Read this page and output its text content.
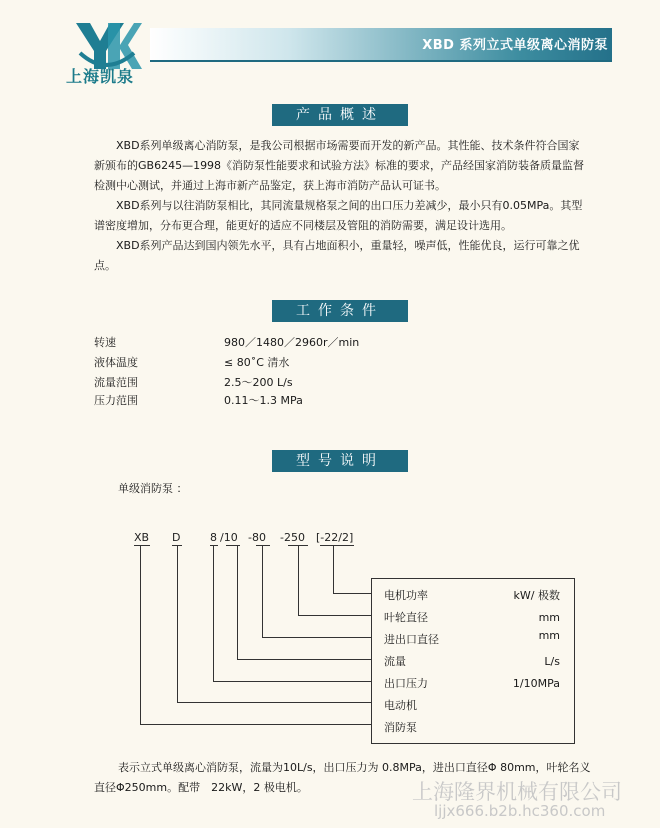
上海凯泉
XBD 系列立式单级离心消防泵
产品概述
XBD系列单级离心消防泵，是我公司根据市场需要而开发的新产品。其性能、技术条件符合国家新颁布的GB6245—1998《消防泵性能要求和试验方法》标准的要求，产品经国家消防装备质量监督检测中心测试，并通过上海市新产品鉴定，获上海市消防产品认可证书。
XBD系列与以往消防泵相比，其同流量规格泵之间的出口压力差减少，最小只有0.05MPa。其型谱密度增加，分布更合理，能更好的适应不同楼层及管阻的消防需要，满足设计选用。
XBD系列产品达到国内领先水平，具有占地面积小，重量轻，噪声低，性能优良，运行可靠之优点。
工作条件
转速	980／1480／2960r／min
液体温度	≤ 80˚C 清水
流量范围	2.5～200 L/s
压力范围	0.11～1.3 MPa
型号说明
单级消防泵 ：
XB D	8 /10 -80 -250 [-22/2]
电机功率	kW/ 极数
叶轮直径	mm
进出口直径	mm
流量	L/s
出口压力	1/10MPa
电动机
消防泵
表示立式单级离心消防泵，流量为10L/s，出口压力为 0.8MPa，进出口直径Φ 80mm，叶轮名义直径Φ250mm。配带　22kW，2 极电机。	上海隆界机械有限公司
ljjx666.b2b.hc360.com
